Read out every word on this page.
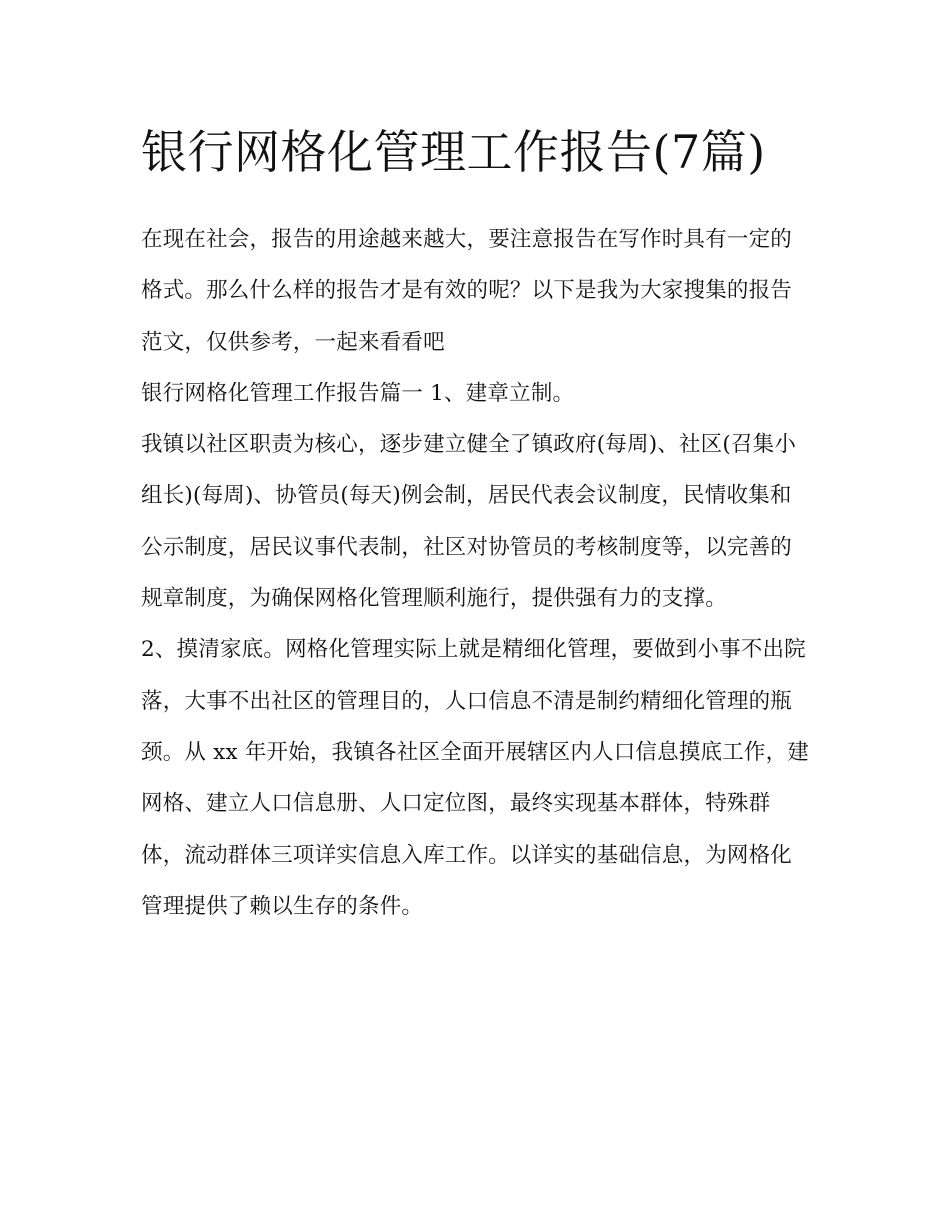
银行网格化管理工作报告(7篇)

在现在社会，报告的用途越来越大，要注意报告在写作时具有一定的格式。那么什么样的报告才是有效的呢？以下是我为大家搜集的报告范文，仅供参考，一起来看看吧

银行网格化管理工作报告篇一 1、建章立制。

我镇以社区职责为核心，逐步建立健全了镇政府(每周)、社区(召集小组长)(每周)、协管员(每天)例会制，居民代表会议制度，民情收集和公示制度，居民议事代表制，社区对协管员的考核制度等，以完善的规章制度，为确保网格化管理顺利施行，提供强有力的支撑。

2、摸清家底。网格化管理实际上就是精细化管理，要做到小事不出院落，大事不出社区的管理目的，人口信息不清是制约精细化管理的瓶颈。从 xx 年开始，我镇各社区全面开展辖区内人口信息摸底工作，建网格、建立人口信息册、人口定位图，最终实现基本群体，特殊群体，流动群体三项详实信息入库工作。以详实的基础信息，为网格化管理提供了赖以生存的条件。
